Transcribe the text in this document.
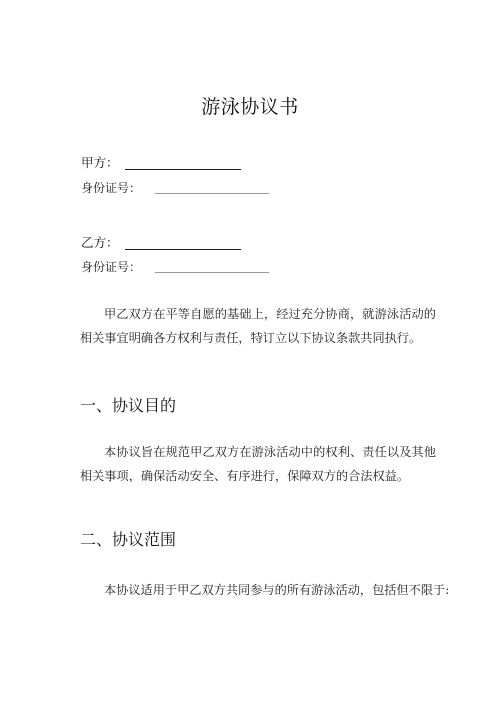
游泳协议书
甲方：
身份证号：
乙方：
身份证号：
甲乙双方在平等自愿的基础上，经过充分协商，就游泳活动的相关事宜明确各方权利与责任，特订立以下协议条款共同执行。
一、协议目的
本协议旨在规范甲乙双方在游泳活动中的权利、责任以及其他相关事项，确保活动安全、有序进行，保障双方的合法权益。
二、协议范围
本协议适用于甲乙双方共同参与的所有游泳活动，包括但不限于:
